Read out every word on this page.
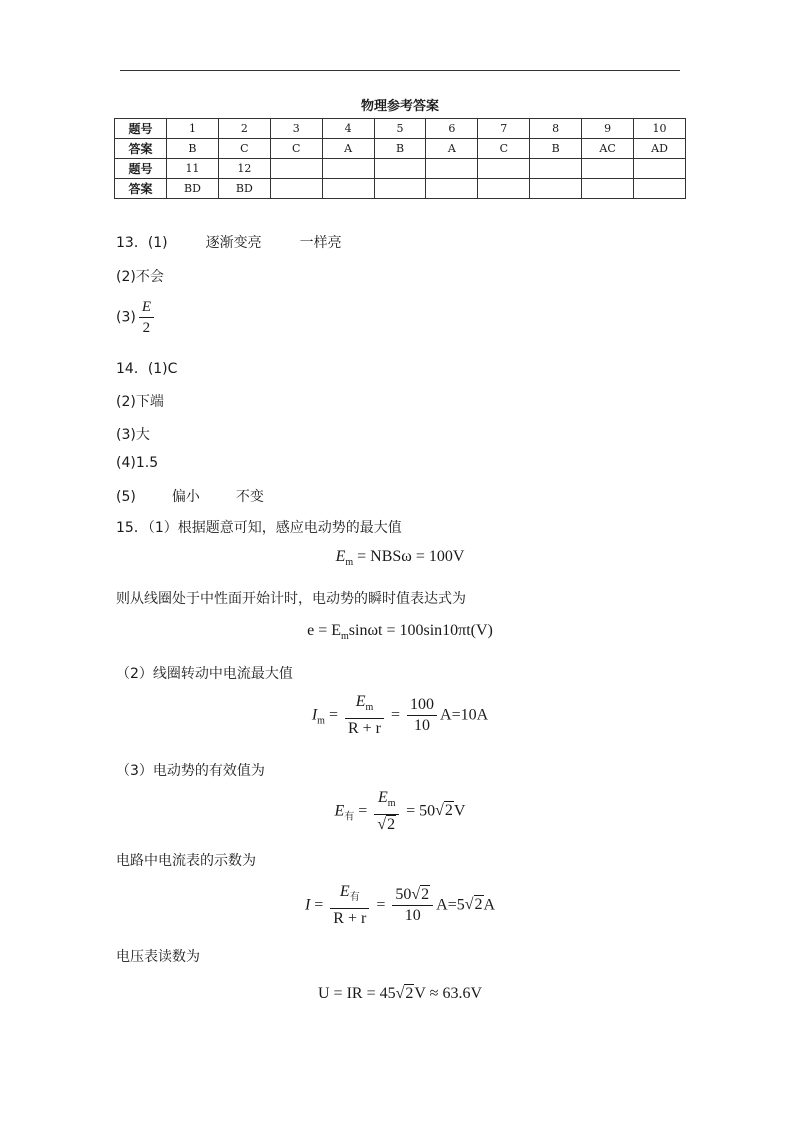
物理参考答案
题号	1	2	3	4	5	6	7	8	9	10
答案	B	C	C	A	B	A	C	B	AC	AD
题号	11	12								
答案	BD	BD								
13．(1)	逐渐变亮	一样亮
(2)不会
$(3) \frac{E}{2}$
14．(1)C
(2)下端
(3)大
(4)1.5
(5)	偏小	不变
15．（1）根据题意可知，感应电动势的最大值
$E_m = NBS\omega = 100V$
则从线圈处于中性面开始计时，电动势的瞬时值表达式为
$e = E_m\sin\omega t = 100\sin 10\pi t(V)$
（2）线圈转动中电流最大值
$I_m = \frac{E_m}{R + r} = \frac{100}{10} A=10A$
（3）电动势的有效值为
$E_有 = \frac{E_m}{√2} = 50√2V$
电路中电流表的示数为
$I = \frac{E_有}{R + r} = \frac{50√2}{10} A=5√2A$
电压表读数为
U = IR = 45√2V ≈ 63.6V
